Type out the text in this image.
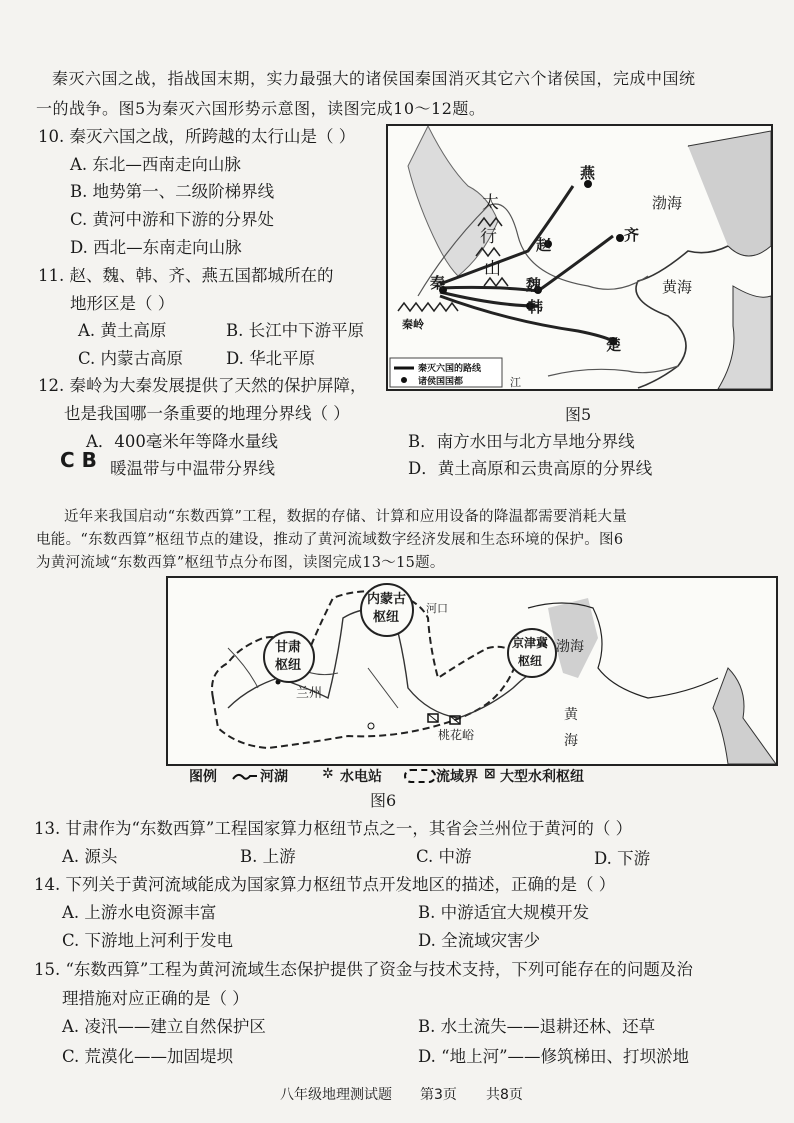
秦灭六国之战，指战国末期，实力最强大的诸侯国秦国消灭其它六个诸侯国，完成中国统
一的战争。图5为秦灭六国形势示意图，读图完成10～12题。
10. 秦灭六国之战，所跨越的太行山是（ ）
A. 东北—西南走向山脉
B. 地势第一、二级阶梯界线
C. 黄河中游和下游的分界处
D. 西北—东南走向山脉
11. 赵、魏、韩、齐、燕五国都城所在的
地形区是（ ）
A. 黄土高原	B. 长江中下游平原
C. 内蒙古高原	D. 华北平原
12. 秦岭为大秦发展提供了天然的保护屏障，
也是我国哪一条重要的地理分界线（ ）
A．400毫米年等降水量线	B．南方水田与北方旱地分界线
C B 暖温带与中温带分界线	D．黄土高原和云贵高原的分界线
太
行
山
燕
赵
齐
秦	魏
韩
楚
秦岭
渤海
黄海
江
秦灭六国的路线
诸侯国国都
图5
近年来我国启动“东数西算”工程，数据的存储、计算和应用设备的降温都需要消耗大量
电能。“东数西算”枢纽节点的建设，推动了黄河流域数字经济发展和生态环境的保护。图6
为黄河流域“东数西算”枢纽节点分布图，读图完成13～15题。
内蒙古
枢纽
甘肃
枢纽
京津冀
枢纽
兰州
河口
桃花峪
渤海
黄
海
图例	河湖 ✲ 水电站	流域界 ⊠ 大型水利枢纽
图6
13. 甘肃作为“东数西算”工程国家算力枢纽节点之一，其省会兰州位于黄河的（ ）
A. 源头	B. 上游	C. 中游	D. 下游
14. 下列关于黄河流域能成为国家算力枢纽节点开发地区的描述，正确的是（ ）
A. 上游水电资源丰富	B. 中游适宜大规模开发
C. 下游地上河利于发电	D. 全流域灾害少
15. “东数西算”工程为黄河流域生态保护提供了资金与技术支持，下列可能存在的问题及治
理措施对应正确的是（ ）
A. 凌汛——建立自然保护区	B. 水土流失——退耕还林、还草
C. 荒漠化——加固堤坝	D. “地上河”——修筑梯田、打坝淤地
八年级地理测试题 第3页 共8页
